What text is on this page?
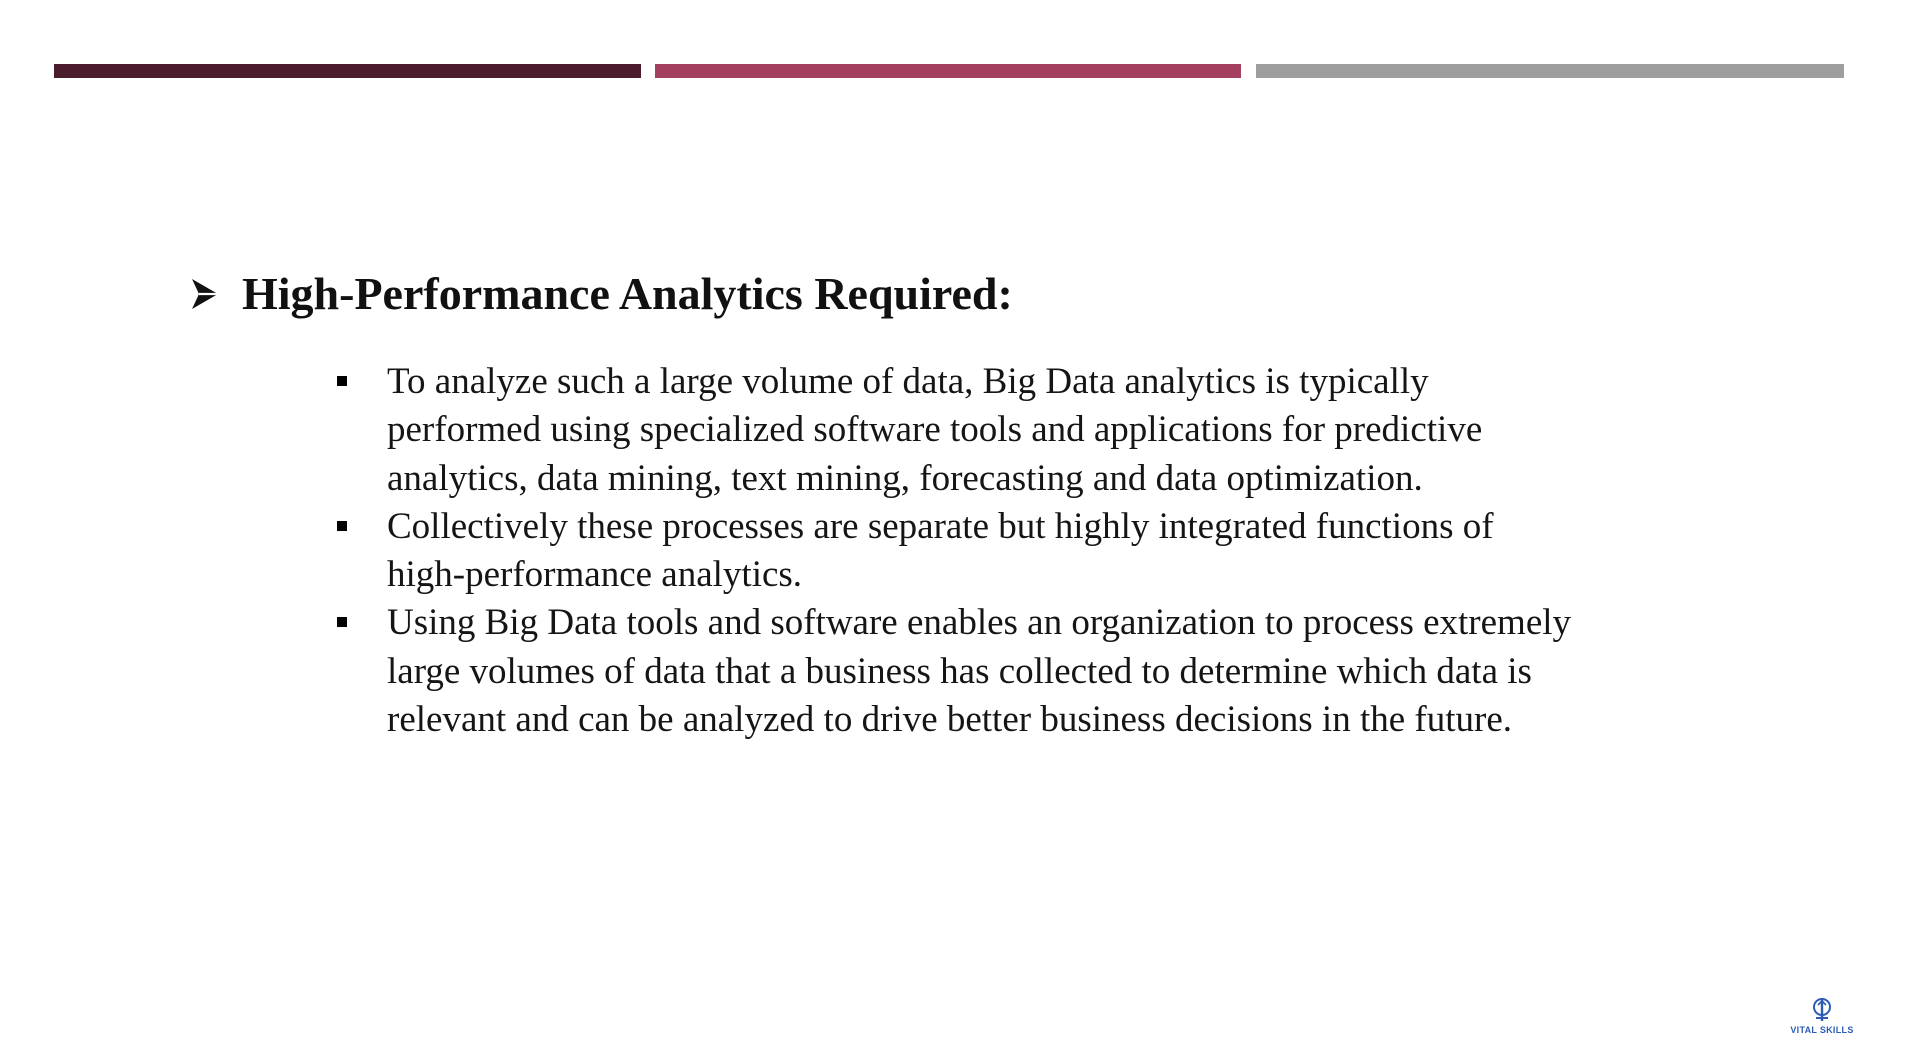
High-Performance Analytics Required:
To analyze such a large volume of data, Big Data analytics is typically
performed using specialized software tools and applications for predictive
analytics, data mining, text mining, forecasting and data optimization.
Collectively these processes are separate but highly integrated functions of
high-performance analytics.
Using Big Data tools and software enables an organization to process extremely
large volumes of data that a business has collected to determine which data is
relevant and can be analyzed to drive better business decisions in the future.
VITAL SKILLS
